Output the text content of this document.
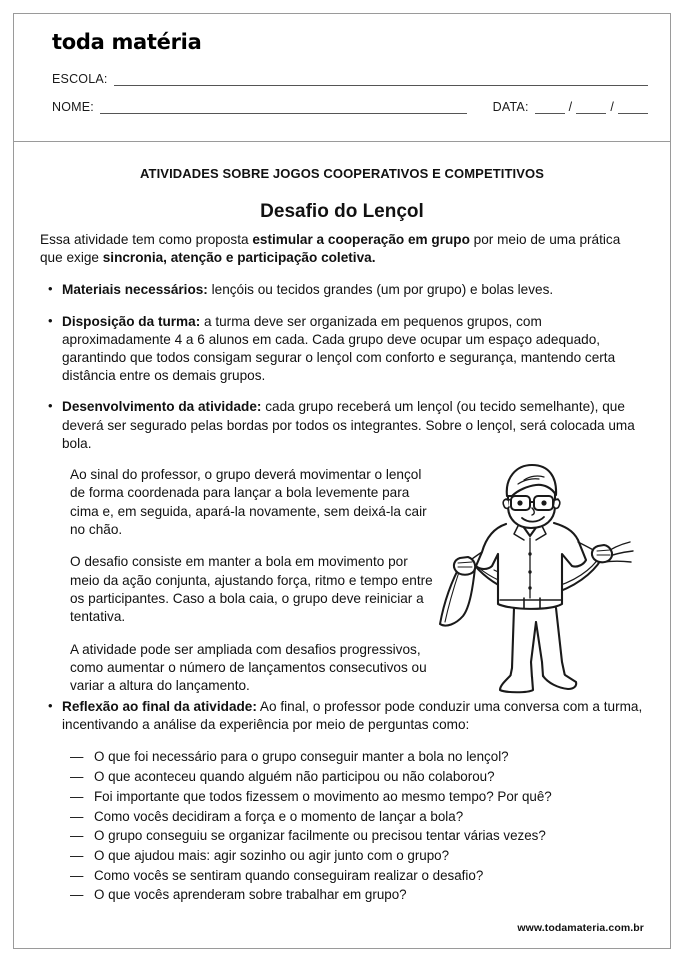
toda matéria
ESCOLA:
NOME:	DATA:	/	/
ATIVIDADES SOBRE JOGOS COOPERATIVOS E COMPETITIVOS
Desafio do Lençol

Essa atividade tem como proposta estimular a cooperação em grupo por meio de uma prática que exige sincronia, atenção e participação coletiva.

• Materiais necessários: lençóis ou tecidos grandes (um por grupo) e bolas leves.
• Disposição da turma: a turma deve ser organizada em pequenos grupos, com aproximadamente 4 a 6 alunos em cada. Cada grupo deve ocupar um espaço adequado, garantindo que todos consigam segurar o lençol com conforto e segurança, mantendo certa distância entre os demais grupos.
• Desenvolvimento da atividade: cada grupo receberá um lençol (ou tecido semelhante), que deverá ser segurado pelas bordas por todos os integrantes. Sobre o lençol, será colocada uma bola.

Ao sinal do professor, o grupo deverá movimentar o lençol de forma coordenada para lançar a bola levemente para cima e, em seguida, apará-la novamente, sem deixá-la cair no chão.

O desafio consiste em manter a bola em movimento por meio da ação conjunta, ajustando força, ritmo e tempo entre os participantes. Caso a bola caia, o grupo deve reiniciar a tentativa.

A atividade pode ser ampliada com desafios progressivos, como aumentar o número de lançamentos consecutivos ou variar a altura do lançamento.

• Reflexão ao final da atividade: Ao final, o professor pode conduzir uma conversa com a turma, incentivando a análise da experiência por meio de perguntas como:
— O que foi necessário para o grupo conseguir manter a bola no lençol?
— O que aconteceu quando alguém não participou ou não colaborou?
— Foi importante que todos fizessem o movimento ao mesmo tempo? Por quê?
— Como vocês decidiram a força e o momento de lançar a bola?
— O grupo conseguiu se organizar facilmente ou precisou tentar várias vezes?
— O que ajudou mais: agir sozinho ou agir junto com o grupo?
— Como vocês se sentiram quando conseguiram realizar o desafio?
— O que vocês aprenderam sobre trabalhar em grupo?
www.todamateria.com.br
